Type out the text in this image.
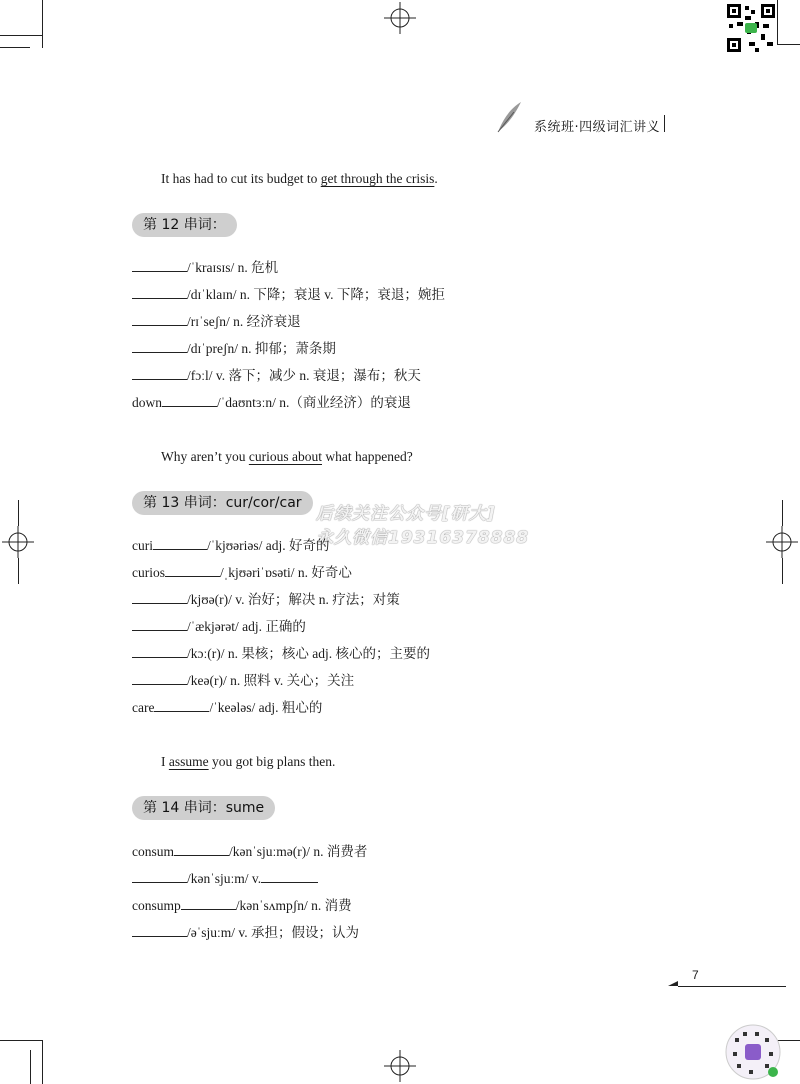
系统班·四级词汇讲义
It has had to cut its budget to get through the crisis.
第 12 串词：
/ˈkraɪsɪs/ n. 危机
/dɪˈklaɪn/ n. 下降；衰退 v. 下降；衰退；婉拒
/rɪˈseʃn/ n. 经济衰退
/dɪˈpreʃn/ n. 抑郁；萧条期
/fɔːl/ v. 落下；减少 n. 衰退；瀑布；秋天
down	/ˈdaʊntɜːn/ n.（商业经济）的衰退
Why aren’t you curious about what happened?
第 13 串词：cur/cor/car
后续关注公众号[研大]
永久微信19316378888
curi	/ˈkjʊəriəs/ adj. 好奇的
curios	/ˌkjʊəriˈɒsəti/ n. 好奇心
/kjʊə(r)/ v. 治好；解决 n. 疗法；对策
/ˈækjərət/ adj. 正确的
/kɔː(r)/ n. 果核；核心 adj. 核心的；主要的
/keə(r)/ n. 照料 v. 关心；关注
care	/ˈkeələs/ adj. 粗心的
I assume you got big plans then.
第 14 串词：sume
consum	/kənˈsjuːmə(r)/ n. 消费者
/kənˈsjuːm/ v.
consump	/kənˈsʌmpʃn/ n. 消费
/əˈsjuːm/ v. 承担；假设；认为
7
